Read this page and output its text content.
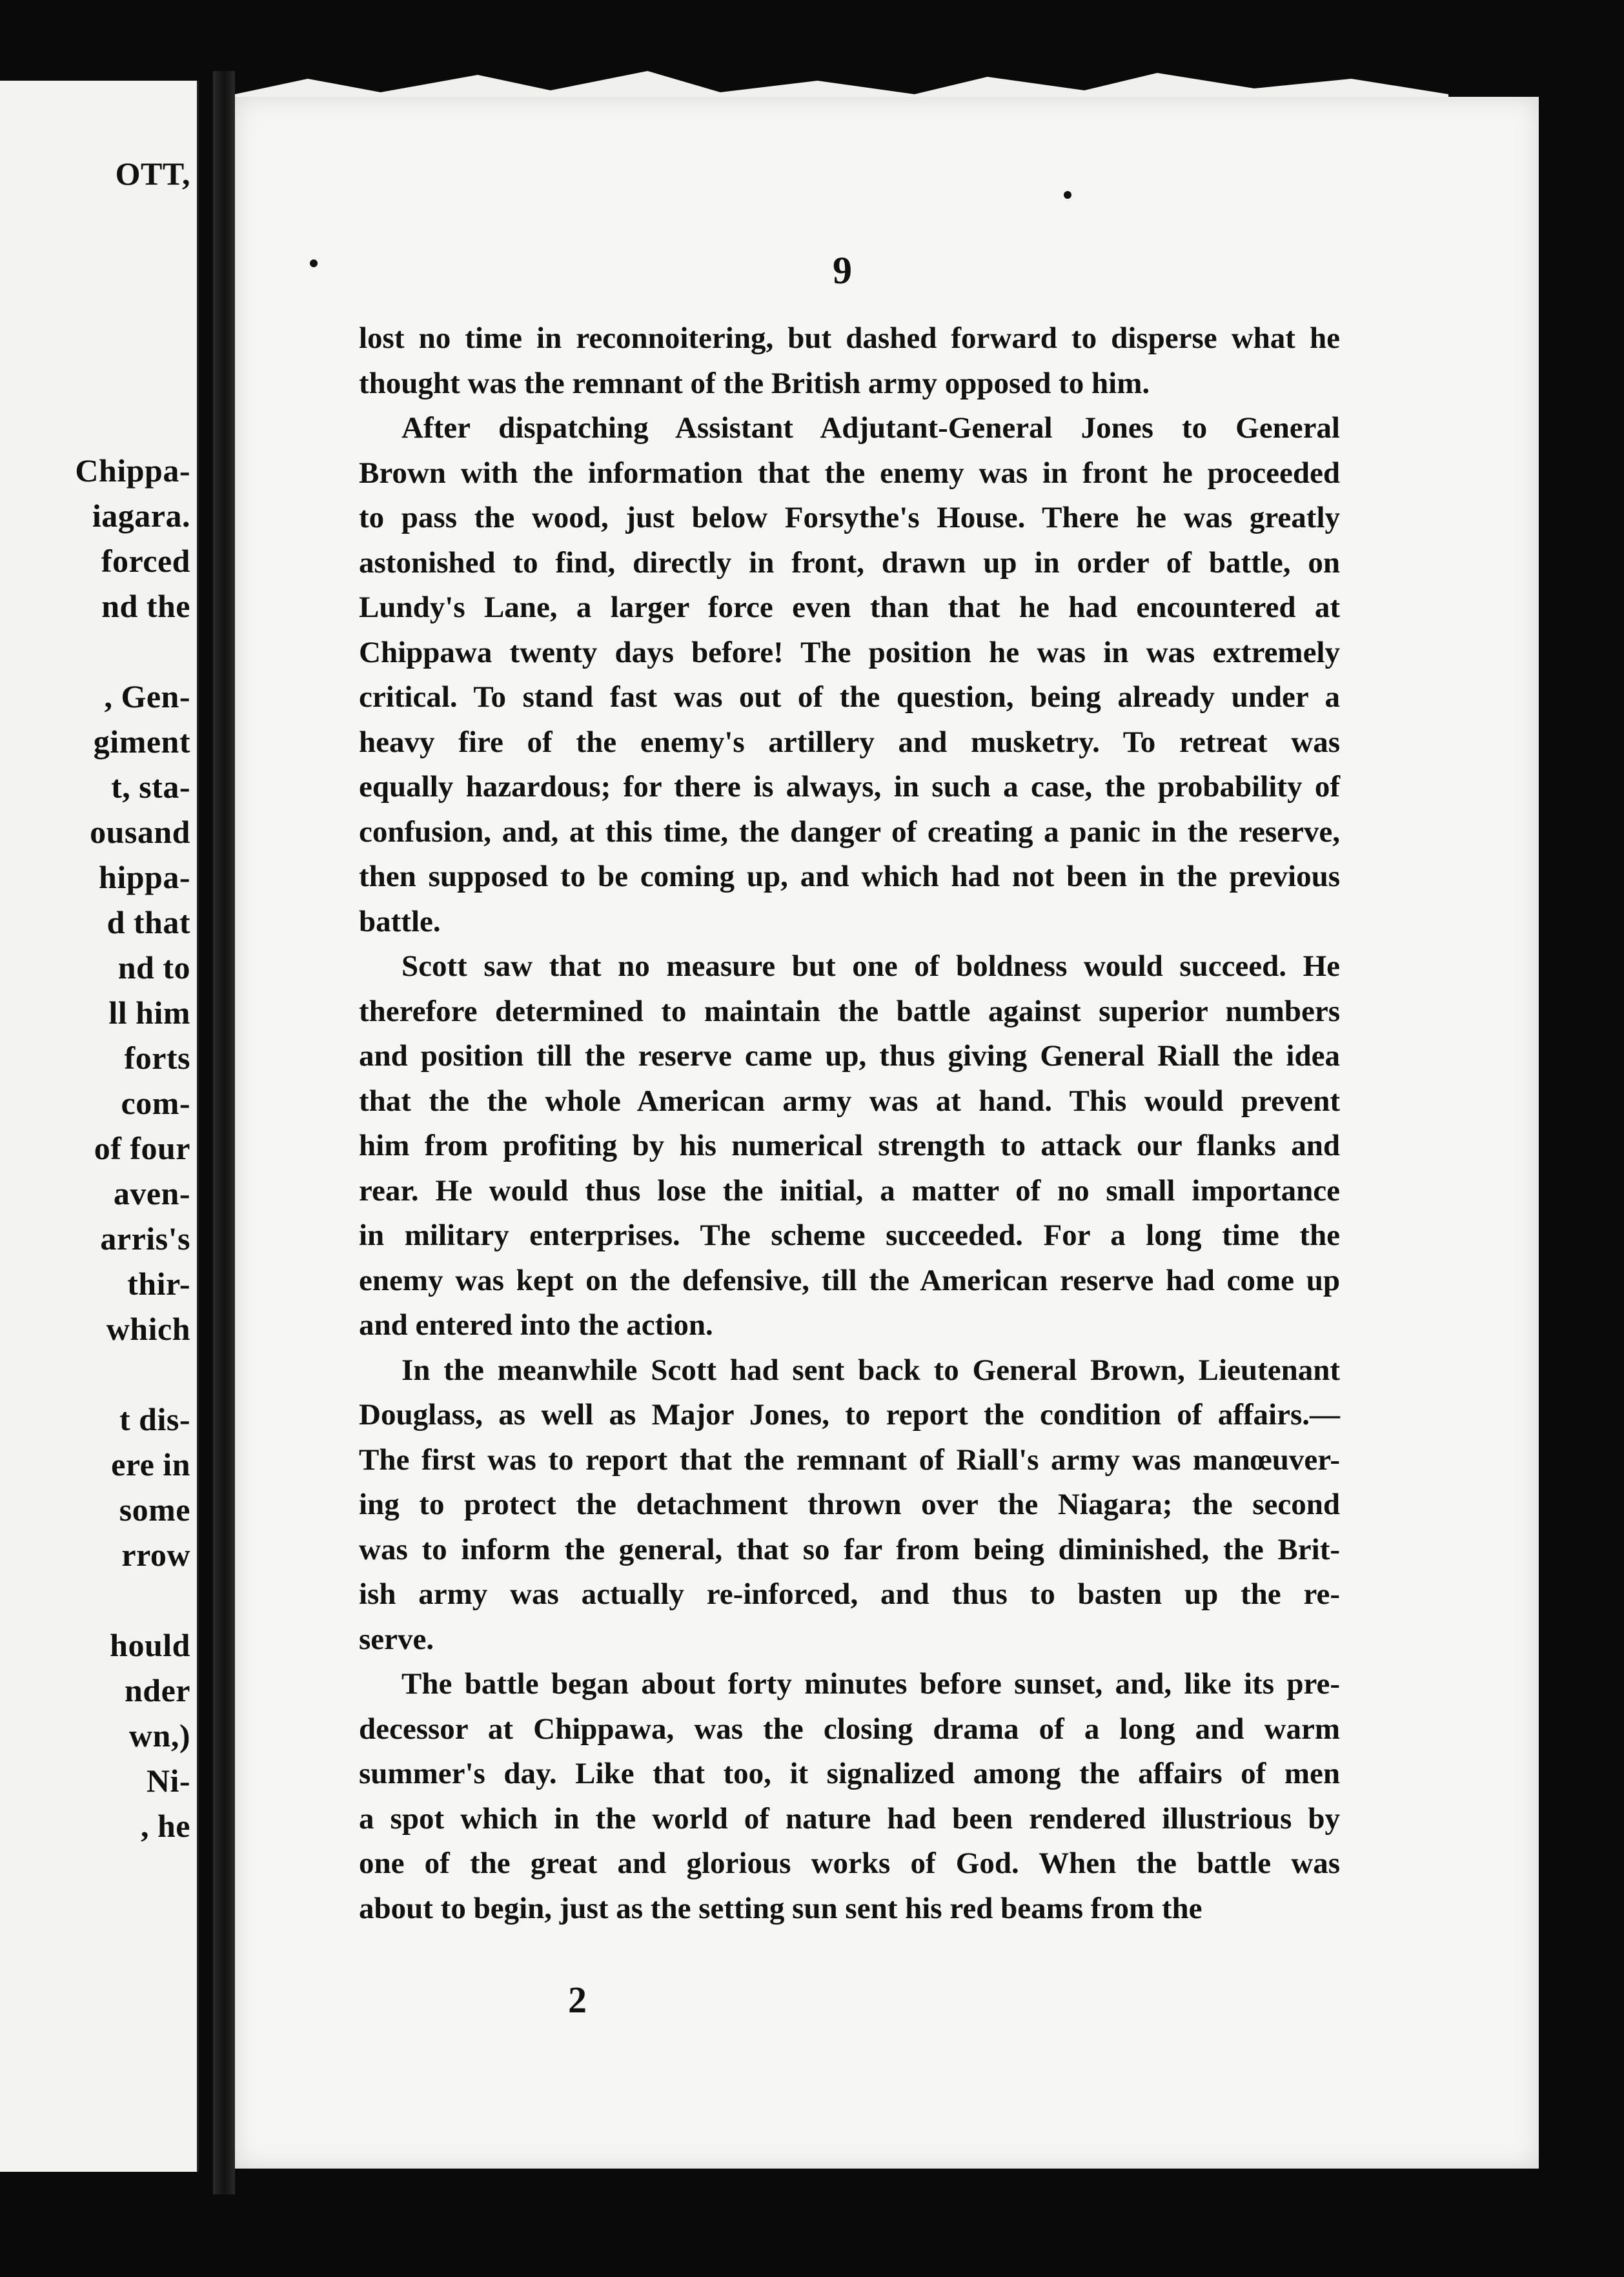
OTT,
Chippa-
iagara.
forced
nd the
, Gen-
giment
t, sta-
ousand
hippa-
d that
nd to
ll him
forts
com-
of four
aven-
arris's
thir-
which
t dis-
ere in
some
rrow
hould
nder
wn,)
Ni-
, he
9
lost no time in reconnoitering, but dashed forward to disperse what he
thought was the remnant of the British army opposed to him.
After dispatching Assistant Adjutant-General Jones to General
Brown with the information that the enemy was in front he proceeded
to pass the wood, just below Forsythe's House. There he was greatly
astonished to find, directly in front, drawn up in order of battle, on
Lundy's Lane, a larger force even than that he had encountered at
Chippawa twenty days before! The position he was in was extremely
critical. To stand fast was out of the question, being already under a
heavy fire of the enemy's artillery and musketry. To retreat was
equally hazardous; for there is always, in such a case, the probability of
confusion, and, at this time, the danger of creating a panic in the reserve,
then supposed to be coming up, and which had not been in the previous
battle.
Scott saw that no measure but one of boldness would succeed. He
therefore determined to maintain the battle against superior numbers
and position till the reserve came up, thus giving General Riall the idea
that the the whole American army was at hand. This would prevent
him from profiting by his numerical strength to attack our flanks and
rear. He would thus lose the initial, a matter of no small importance
in military enterprises. The scheme succeeded. For a long time the
enemy was kept on the defensive, till the American reserve had come up
and entered into the action.
In the meanwhile Scott had sent back to General Brown, Lieutenant
Douglass, as well as Major Jones, to report the condition of affairs.—
The first was to report that the remnant of Riall's army was manœuver-
ing to protect the detachment thrown over the Niagara; the second
was to inform the general, that so far from being diminished, the Brit-
ish army was actually re-inforced, and thus to basten up the re-
serve.
The battle began about forty minutes before sunset, and, like its pre-
decessor at Chippawa, was the closing drama of a long and warm
summer's day. Like that too, it signalized among the affairs of men
a spot which in the world of nature had been rendered illustrious by
one of the great and glorious works of God. When the battle was
about to begin, just as the setting sun sent his red beams from the
2
